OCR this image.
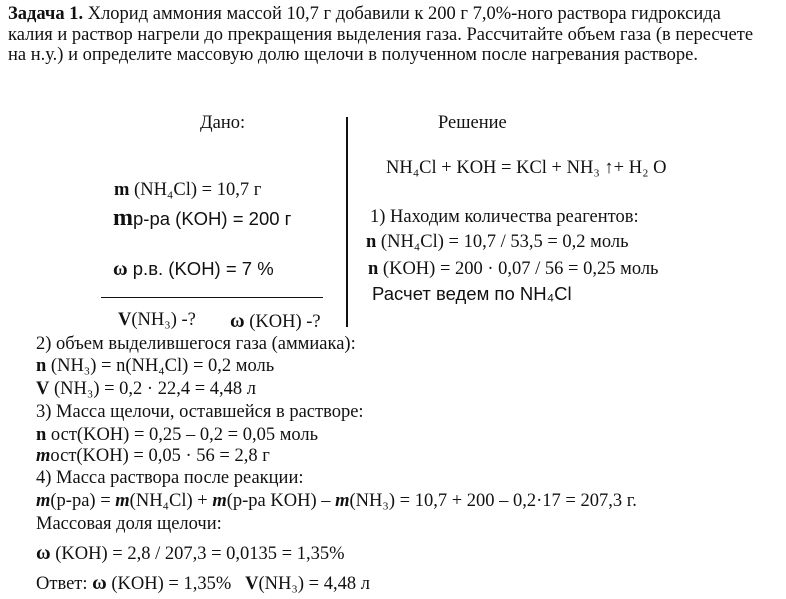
Задача 1. Хлорид аммония массой 10,7 г добавили к 200 г 7,0%-ного раствора гидроксида калия и раствор нагрели до прекращения выделения газа. Рассчитайте объем газа (в пересчете на н.у.) и определите массовую долю щелочи в полученном после нагревания растворе.
Дано:
m (NH₄Cl) = 10,7 г
mр-ра (KOH) = 200 г
ω р.в. (KOH) = 7 %
V(NH₃) -? ω (KOH) -?
Решение
NH₄Cl + KOH = KCl + NH₃ ↑+ H₂ O
1) Находим количества реагентов:
n (NH₄Cl) = 10,7 / 53,5 = 0,2 моль
n (KOH) = 200 · 0,07 / 56 = 0,25 моль
Расчет ведем по NH₄Cl
2) объем выделившегося газа (аммиака):
n (NH₃) = n(NH₄Cl) = 0,2 моль
V (NH₃) = 0,2 · 22,4 = 4,48 л
3) Масса щелочи, оставшейся в растворе:
n ост(KOH) = 0,25 – 0,2 = 0,05 моль
mост(KOH) = 0,05 · 56 = 2,8 г
4) Масса раствора после реакции:
m(р-ра) = m(NH₄Cl) + m(р-ра KOH) – m(NH₃) = 10,7 + 200 – 0,2·17 = 207,3 г.
Массовая доля щелочи:
ω (KOH) = 2,8 / 207,3 = 0,0135 = 1,35%
Ответ: ω (KOH) = 1,35%   V(NH₃) = 4,48 л
